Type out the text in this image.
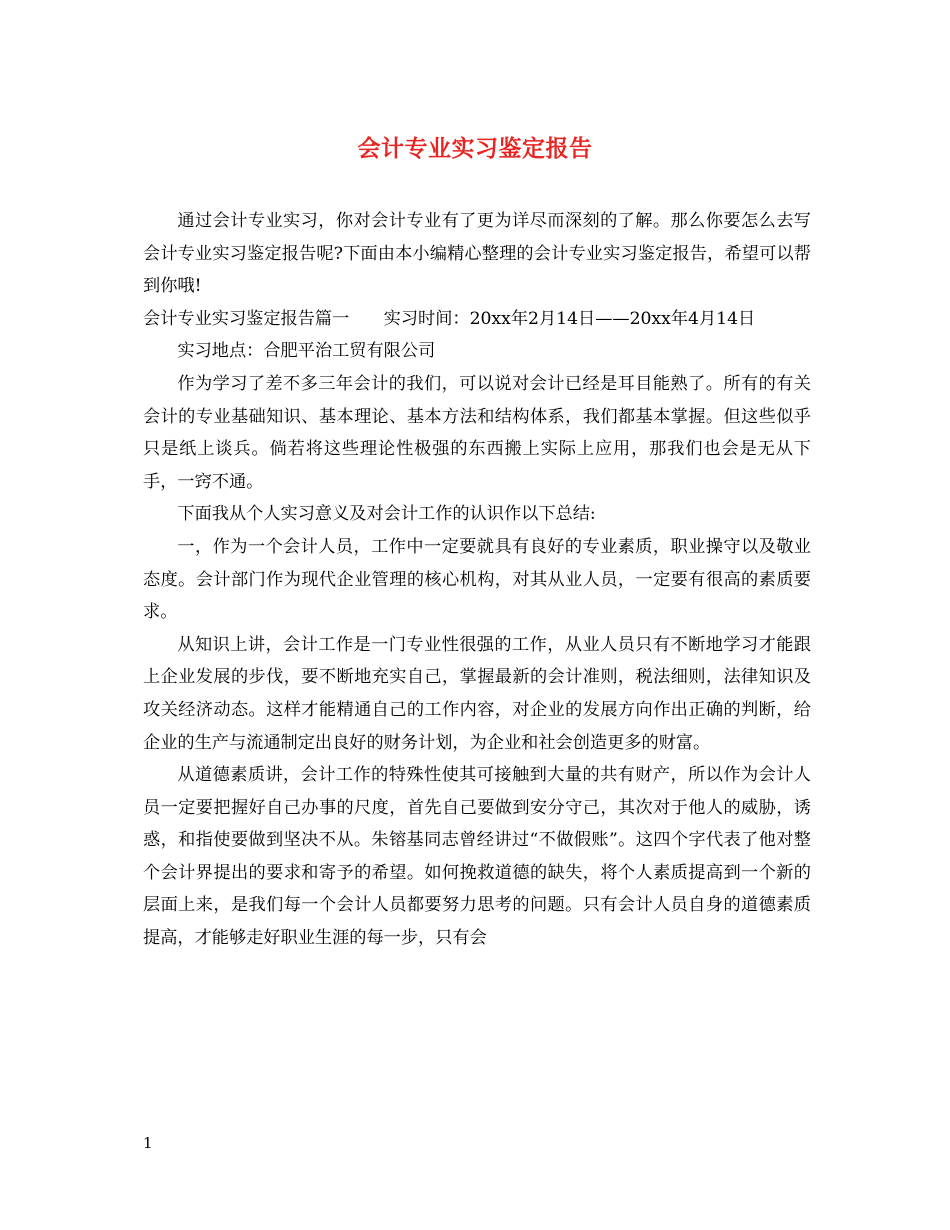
会计专业实习鉴定报告

通过会计专业实习，你对会计专业有了更为详尽而深刻的了解。那么你要怎么去写会计专业实习鉴定报告呢?下面由本小编精心整理的会计专业实习鉴定报告，希望可以帮到你哦!

会计专业实习鉴定报告篇一　　实习时间：20xx年2月14日——20xx年4月14日

实习地点：合肥平治工贸有限公司

作为学习了差不多三年会计的我们，可以说对会计已经是耳目能熟了。所有的有关会计的专业基础知识、基本理论、基本方法和结构体系，我们都基本掌握。但这些似乎只是纸上谈兵。倘若将这些理论性极强的东西搬上实际上应用，那我们也会是无从下手，一窍不通。

下面我从个人实习意义及对会计工作的认识作以下总结:

一，作为一个会计人员，工作中一定要就具有良好的专业素质，职业操守以及敬业态度。会计部门作为现代企业管理的核心机构，对其从业人员，一定要有很高的素质要求。

从知识上讲，会计工作是一门专业性很强的工作，从业人员只有不断地学习才能跟上企业发展的步伐，要不断地充实自己，掌握最新的会计准则，税法细则，法律知识及攻关经济动态。这样才能精通自己的工作内容，对企业的发展方向作出正确的判断，给企业的生产与流通制定出良好的财务计划，为企业和社会创造更多的财富。

从道德素质讲，会计工作的特殊性使其可接触到大量的共有财产，所以作为会计人员一定要把握好自己办事的尺度，首先自己要做到安分守己，其次对于他人的威胁，诱惑，和指使要做到坚决不从。朱镕基同志曾经讲过“不做假账”。这四个字代表了他对整个会计界提出的要求和寄予的希望。如何挽救道德的缺失，将个人素质提高到一个新的层面上来，是我们每一个会计人员都要努力思考的问题。只有会计人员自身的道德素质提高，才能够走好职业生涯的每一步，只有会

1
